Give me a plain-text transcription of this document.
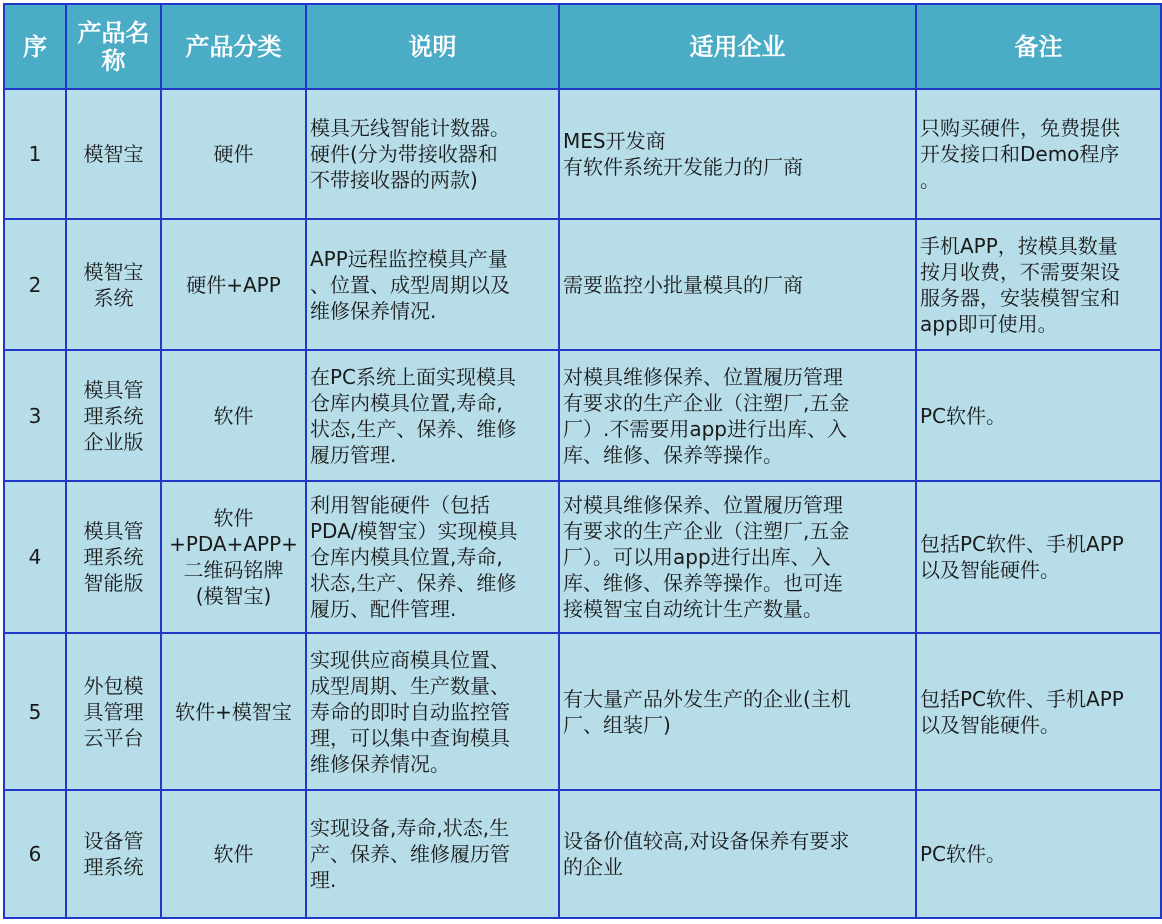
序	产品名称	产品分类	说明	适用企业	备注
1	模智宝	硬件	模具无线智能计数器。
硬件(分为带接收器和
不带接收器的两款)	MES开发商
有软件系统开发能力的厂商	只购买硬件，免费提供
开发接口和Demo程序
。
2	模智宝
系统	硬件+APP	APP远程监控模具产量
、位置、成型周期以及
维修保养情况.	需要监控小批量模具的厂商	手机APP，按模具数量
按月收费，不需要架设
服务器，安装模智宝和
app即可使用。
3	模具管
理系统
企业版	软件	在PC系统上面实现模具
仓库内模具位置,寿命,
状态,生产、保养、维修
履历管理.	对模具维修保养、位置履历管理
有要求的生产企业（注塑厂,五金
厂）.不需要用app进行出库、入
库、维修、保养等操作。	PC软件。
4	模具管
理系统
智能版	软件
+PDA+APP+
二维码铭牌
(模智宝)	利用智能硬件（包括
PDA/模智宝）实现模具
仓库内模具位置,寿命,
状态,生产、保养、维修
履历、配件管理.	对模具维修保养、位置履历管理
有要求的生产企业（注塑厂,五金
厂）。可以用app进行出库、入
库、维修、保养等操作。也可连
接模智宝自动统计生产数量。	包括PC软件、手机APP
以及智能硬件。
5	外包模
具管理
云平台	软件+模智宝	实现供应商模具位置、
成型周期、生产数量、
寿命的即时自动监控管
理，可以集中查询模具
维修保养情况。	有大量产品外发生产的企业(主机
厂、组装厂)	包括PC软件、手机APP
以及智能硬件。
6	设备管
理系统	软件	实现设备,寿命,状态,生
产、保养、维修履历管
理.	设备价值较高,对设备保养有要求
的企业	PC软件。
